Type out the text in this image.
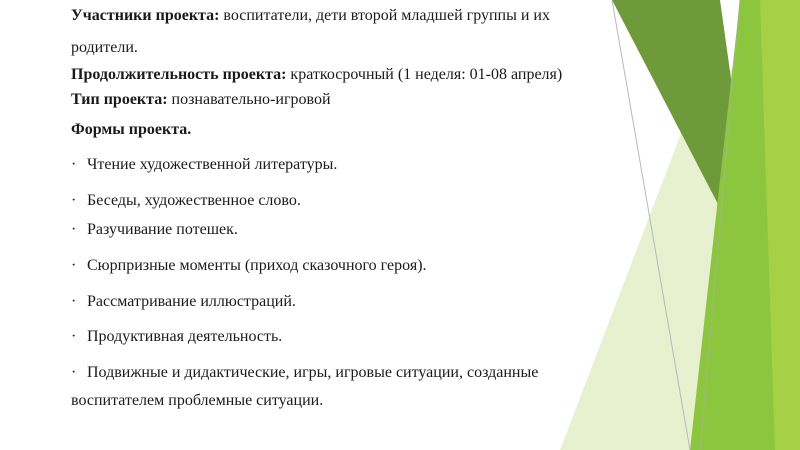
Участники проекта: воспитатели, дети второй младшей группы и их
родители.
Продолжительность проекта: краткосрочный (1 неделя: 01-08 апреля)
Тип проекта: познавательно-игровой
Формы проекта.
· Чтение художественной литературы.
· Беседы, художественное слово.
· Разучивание потешек.
· Сюрпризные моменты (приход сказочного героя).
· Рассматривание иллюстраций.
· Продуктивная деятельность.
· Подвижные и дидактические, игры, игровые ситуации, созданные
воспитателем проблемные ситуации.
